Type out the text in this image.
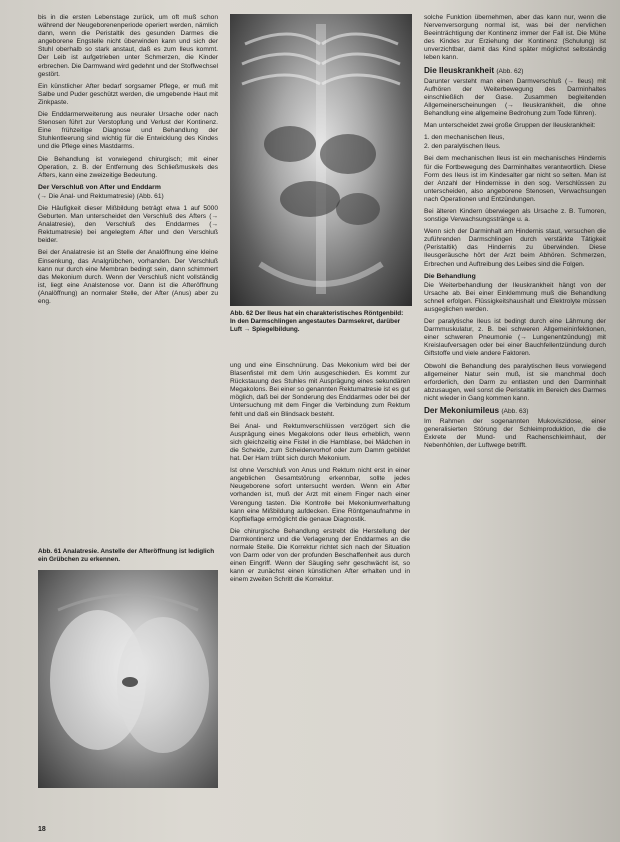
bis in die ersten Lebenstage zurück, um oft muß schon während der Neugeborenenperiode operiert werden, nämlich dann, wenn die Peristaltik des gesunden Darmes die angeborene Engstelle nicht überwinden kann und sich der Stuhl oberhalb so stark anstaut, daß es zum Ileus kommt. Der Leib ist aufgetrieben unter Schmerzen, die Kinder erbrechen. Die Darmwand wird gedehnt und der Stoffwechsel gestört.

Ein künstlicher After bedarf sorgsamer Pflege, er muß mit Salbe und Puder geschützt werden, die umgebende Haut mit Zinkpaste.

Die Enddarmerweiterung aus neuraler Ursache oder nach Stenosen führt zur Verstopfung und Verlust der Kontinenz. Eine frühzeitige Diagnose und Behandlung der Stuhlentleerung sind wichtig für die Entwicklung des Kindes und die Pflege eines Mastdarms.

Die Behandlung ist vorwiegend chirurgisch; mit einer Operation, z. B. der Entfernung des Schließmuskels des Afters, kann eine zweizeitige Bedeutung.

Der Verschluß von After und Enddarm

(→ Die Anal- und Rektumatresie) (Abb. 61)

Die Häufigkeit dieser Mißbildung beträgt etwa 1 auf 5000 Geburten. Man unterscheidet den Verschluß des Afters (→ Analatresie), den Verschluß des Enddarmes (→ Rektumatresie) bei angelegtem After und den Verschluß beider.

Bei der Analatresie ist an Stelle der Analöffnung eine kleine Einsenkung, das Analgrübchen, vorhanden. Der Verschluß kann nur durch eine Membran bedingt sein, dann schimmert das Mekonium durch. Wenn der Verschluß nicht vollständig ist, liegt eine Analstenose vor. Dann ist die Afteröffnung (Analöffnung) an normaler Stelle, der After (Anus) aber zu eng.

Abb. 61 Analatresie. Anstelle der Afteröffnung ist lediglich ein Grübchen zu erkennen.
Abb. 62 Der Ileus hat ein charakteristisches Röntgenbild: In den Darmschlingen angestautes Darmsekret, darüber Luft → Spiegelbildung.

ung und eine Einschnürung. Das Mekonium wird bei der Blasenfistel mit dem Urin ausgeschieden. Es kommt zur Rückstauung des Stuhles mit Ausprägung eines sekundären Megakolons. Bei einer so genannten Rektumatresie ist es gut möglich, daß bei der Sonderung des Enddarmes oder bei der Untersuchung mit dem Finger die Verbindung zum Rektum fehlt und daß ein Blindsack besteht.

Bei Anal- und Rektumverschlüssen verzögert sich die Ausprägung eines Megakolons oder Ileus erheblich, wenn sich gleichzeitig eine Fistel in die Harnblase, bei Mädchen in die Scheide, zum Scheidenvorhof oder zum Damm gebildet hat. Der Harn trübt sich durch Mekonium.

Ist ohne Verschluß von Anus und Rektum nicht erst in einer angeblichen Gesamtstörung erkennbar, sollte jedes Neugeborene sofort untersucht werden. Wenn ein After vorhanden ist, muß der Arzt mit einem Finger nach einer Verengung tasten. Die Kontrolle bei Mekoniumverhaltung kann eine Mißbildung aufdecken. Eine Röntgenaufnahme in Kopftieflage ermöglicht die genaue Diagnostik.

Die chirurgische Behandlung erstrebt die Herstellung der Darmkontinenz und die Verlagerung der Enddarmes an die normale Stelle. Die Korrektur richtet sich nach der Situation von Darm oder von der profunden Beschaffenheit aus durch einen Eingriff. Wenn der Säugling sehr geschwächt ist, so kann er zunächst einen künstlichen After erhalten und in einem zweiten Schritt die Korrektur.

solche Funktion übernehmen, aber das kann nur, wenn die Nervenversorgung normal ist, was bei der nervlichen Beeinträchtigung der Kontinenz immer der Fall ist. Die Mühe des Kindes zur Erziehung der Kontinenz (Schulung) ist unverzichtbar, damit das Kind später möglichst selbständig leben kann.

Die Ileuskrankheit (Abb. 62)

Darunter versteht man einen Darmverschluß (→ Ileus) mit Aufhören der Weiterbewegung des Darminhaltes einschließlich der Gase. Zusammen begleitenden Allgemeinerscheinungen (→ Ileuskrankheit, die ohne Behandlung eine allgemeine Bedrohung zum Tode führen).

Man unterscheidet zwei große Gruppen der Ileuskrankheit:

1. den mechanischen Ileus,

2. den paralytischen Ileus.

Bei dem mechanischen Ileus ist ein mechanisches Hindernis für die Fortbewegung des Darminhaltes verantwortlich. Diese Form des Ileus ist im Kindesalter gar nicht so selten. Man ist der Anzahl der Hindernisse in den sog. Verschlüssen zu unterscheiden, also angeborene Stenosen, Verwachsungen nach Operationen und Entzündungen.

Bei älteren Kindern überwiegen als Ursache z. B. Tumoren, sonstige Verwachsungsstränge u. a.

Wenn sich der Darminhalt am Hindernis staut, versuchen die zuführenden Darmschlingen durch verstärkte Tätigkeit (Peristaltik) das Hindernis zu überwinden. Diese Ileusgeräusche hört der Arzt beim Abhören. Schmerzen, Erbrechen und Auftreibung des Leibes sind die Folgen.

Die Behandlung

Die Weiterbehandlung der Ileuskrankheit hängt von der Ursache ab. Bei einer Einklemmung muß die Behandlung schnell erfolgen. Flüssigkeitshaushalt und Elektrolyte müssen ausgeglichen werden.

Der paralytische Ileus ist bedingt durch eine Lähmung der Darmmuskulatur, z. B. bei schweren Allgemeininfektionen, einer schweren Pneumonie (→ Lungenentzündung) mit Kreislaufversagen oder bei einer Bauchfellentzündung durch Giftstoffe und viele andere Faktoren.

Obwohl die Behandlung des paralytischen Ileus vorwiegend allgemeiner Natur sein muß, ist sie manchmal doch erforderlich, den Darm zu entlasten und den Darminhalt abzusaugen, weil sonst die Peristaltik im Bereich des Darmes nicht wieder in Gang kommen kann.

Der Mekoniumileus (Abb. 63)

Im Rahmen der sogenannten Mukoviszidose, einer generalisierten Störung der Schleimproduktion, die die Exkrete der Mund- und Rachenschleimhaut, der Nebenhöhlen, der Luftwege betrifft.

18
